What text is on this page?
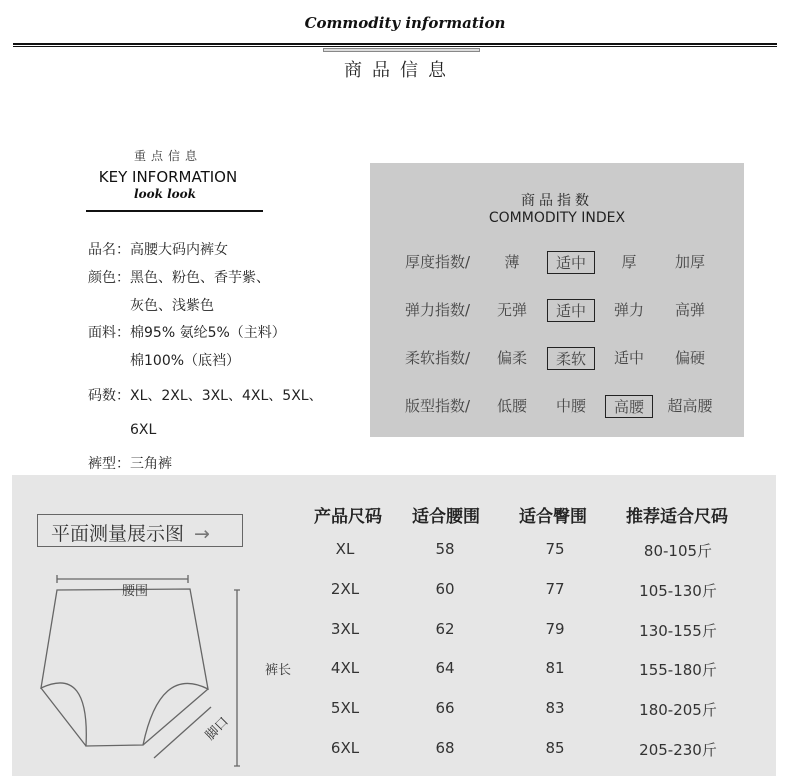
Commodity information
商品信息
重点信息
KEY INFORMATION
look look
品名：高腰大码内裤女
颜色：黑色、粉色、香芋紫、
　　　灰色、浅紫色
面料：棉95% 氨纶5%（主料）
　　　棉100%（底裆）
码数：XL、2XL、3XL、4XL、5XL、
　　　6XL
裤型：三角裤
商品指数
COMMODITY INDEX
厚度指数/ 薄	适中	厚	加厚
弹力指数/ 无弹	适中	弹力 高弹
柔软指数/ 偏柔	柔软	适中 偏硬
版型指数/ 低腰 中腰	高腰	超高腰
平面测量展示图 →
腰围
裤长
脚口
产品尺码 适合腰围 适合臀围 推荐适合尺码
XL	58	75	80-105斤
2XL	60	77	105-130斤
3XL	62	79	130-155斤
4XL	64	81	155-180斤
5XL	66	83	180-205斤
6XL	68	85	205-230斤
